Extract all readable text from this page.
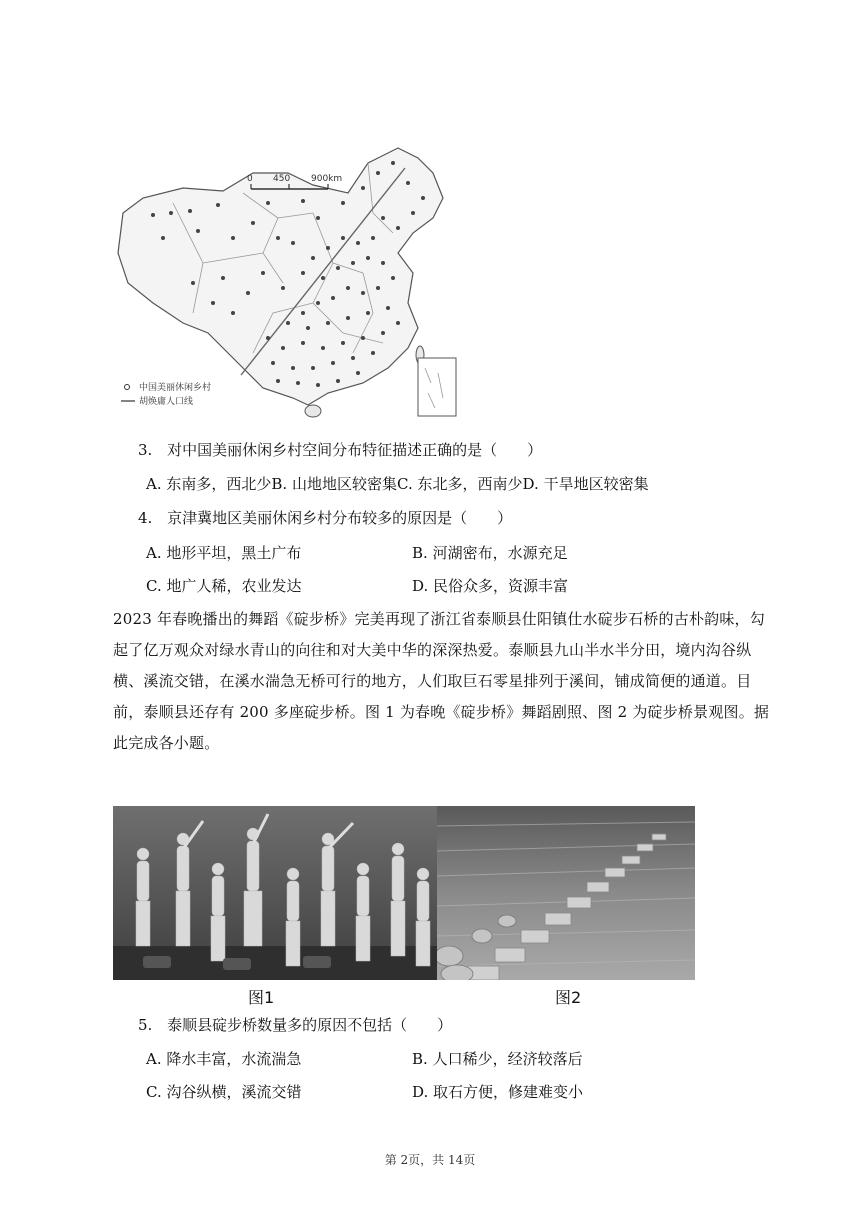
0 450 900km
中国美丽休闲乡村
胡焕庸人口线
3. 对中国美丽休闲乡村空间分布特征描述正确的是（　　）
A. 东南多，西北少B. 山地地区较密集C. 东北多，西南少D. 干旱地区较密集
4. 京津冀地区美丽休闲乡村分布较多的原因是（　　）
A. 地形平坦，黑土广布	B. 河湖密布，水源充足
C. 地广人稀，农业发达	D. 民俗众多，资源丰富
2023 年春晚播出的舞蹈《碇步桥》完美再现了浙江省泰顺县仕阳镇仕水碇步石桥的古朴韵味，勾
起了亿万观众对绿水青山的向往和对大美中华的深深热爱。泰顺县九山半水半分田，境内沟谷纵
横、溪流交错，在溪水湍急无桥可行的地方，人们取巨石零星排列于溪间，铺成简便的通道。目
前，泰顺县还存有 200 多座碇步桥。图 1 为春晚《碇步桥》舞蹈剧照、图 2 为碇步桥景观图。据
此完成各小题。
图1	图2
5. 泰顺县碇步桥数量多的原因不包括（　　）
A. 降水丰富，水流湍急	B. 人口稀少，经济较落后
C. 沟谷纵横，溪流交错	D. 取石方便，修建难变小
第 2页，共 14页
